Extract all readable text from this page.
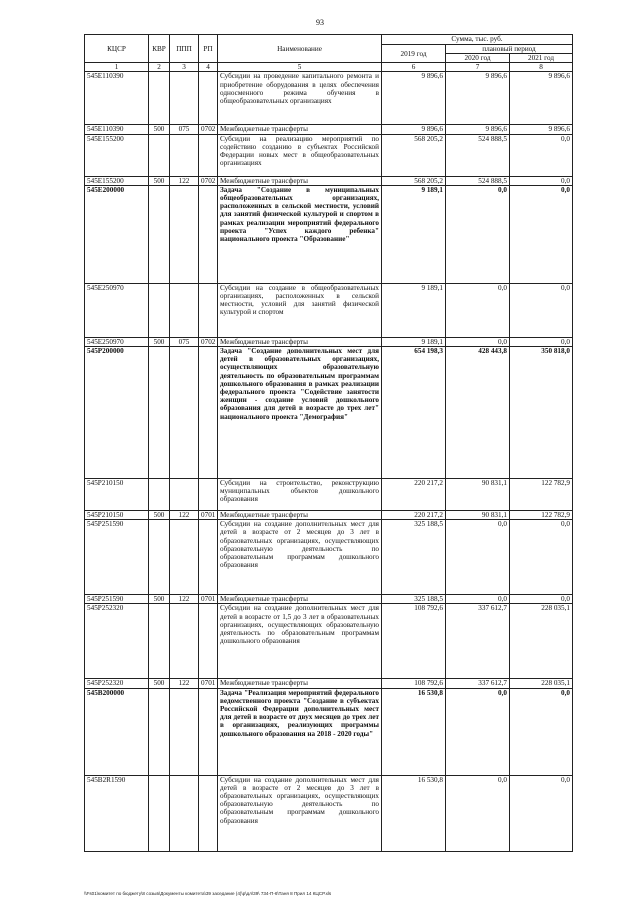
93
КЦСР	КВР	ППП	РП	Наименование	Сумма, тыс. руб.		
					2019 год	плановый период	
						2020 год	2021 год
1	2	3	4	5	6	7	8
545E110390				Субсидии на проведение капитального ремонта и приобретение оборудования в целях обеспечения односменного режима обучения в общеобразовательных организациях	9 896,6	9 896,6	9 896,6
545E110390	500	075	0702	Межбюджетные трансферты	9 896,6	9 896,6	9 896,6
545E155200				Субсидии на реализацию мероприятий по содействию созданию в субъектах Российской Федерации новых мест в общеобразовательных организациях	568 205,2	524 888,5	0,0
545E155200	500	122	0702	Межбюджетные трансферты	568 205,2	524 888,5	0,0
545E200000				Задача "Создание в муниципальных общеобразовательных организациях, расположенных в сельской местности, условий для занятий физической культурой и спортом в рамках реализации мероприятий федерального проекта "Успех каждого ребенка" национального проекта "Образование"	9 189,1	0,0	0,0
545E250970				Субсидии на создание в общеобразовательных организациях, расположенных в сельской местности, условий для занятий физической культурой и спортом	9 189,1	0,0	0,0
545E250970	500	075	0702	Межбюджетные трансферты	9 189,1	0,0	0,0
545P200000				Задача "Создание дополнительных мест для детей в образовательных организациях, осуществляющих образовательную деятельность по образовательным программам дошкольного образования в рамках реализации федерального проекта "Содействие занятости женщин - создание условий дошкольного образования для детей в возрасте до трех лет" национального проекта "Демография"	654 198,3	428 443,8	350 818,0
545P210150				Субсидии на строительство, реконструкцию муниципальных объектов дошкольного образования	220 217,2	90 831,1	122 782,9
545P210150	500	122	0701	Межбюджетные трансферты	220 217,2	90 831,1	122 782,9
545P251590				Субсидии на создание дополнительных мест для детей в возрасте от 2 месяцев до 3 лет в образовательных организациях, осуществляющих образовательную деятельность по образовательным программам дошкольного образования	325 188,5	0,0	0,0
545P251590	500	122	0701	Межбюджетные трансферты	325 188,5	0,0	0,0
545P252320				Субсидии на создание дополнительных мест для детей в возрасте от 1,5 до 3 лет в образовательных организациях, осуществляющих образовательную деятельность по образовательным программам дошкольного образования	108 792,6	337 612,7	228 035,1
545P252320	500	122	0701	Межбюджетные трансферты	108 792,6	337 612,7	228 035,1
545B200000				Задача "Реализация мероприятий федерального ведомственного проекта "Создание в субъектах Российской Федерации дополнительных мест для детей в возрасте от двух месяцев до трех лет в организациях, реализующих программы дошкольного образования на 2018 - 2020 годы"	16 530,8	0,0	0,0
545B2R1590				Субсидии на создание дополнительных мест для детей в возрасте от 2 месяцев до 3 лет в образовательных организациях, осуществляющих образовательную деятельность по образовательным программам дошкольного образования	16 530,8	0,0	0,0
\\Fs01\комитет по бюджету\8 созыв\Документы комитета\39 заседание (4)\р\дл\39\ 734-П-6\Таня 8 Прил 14 КЦСР.xls
